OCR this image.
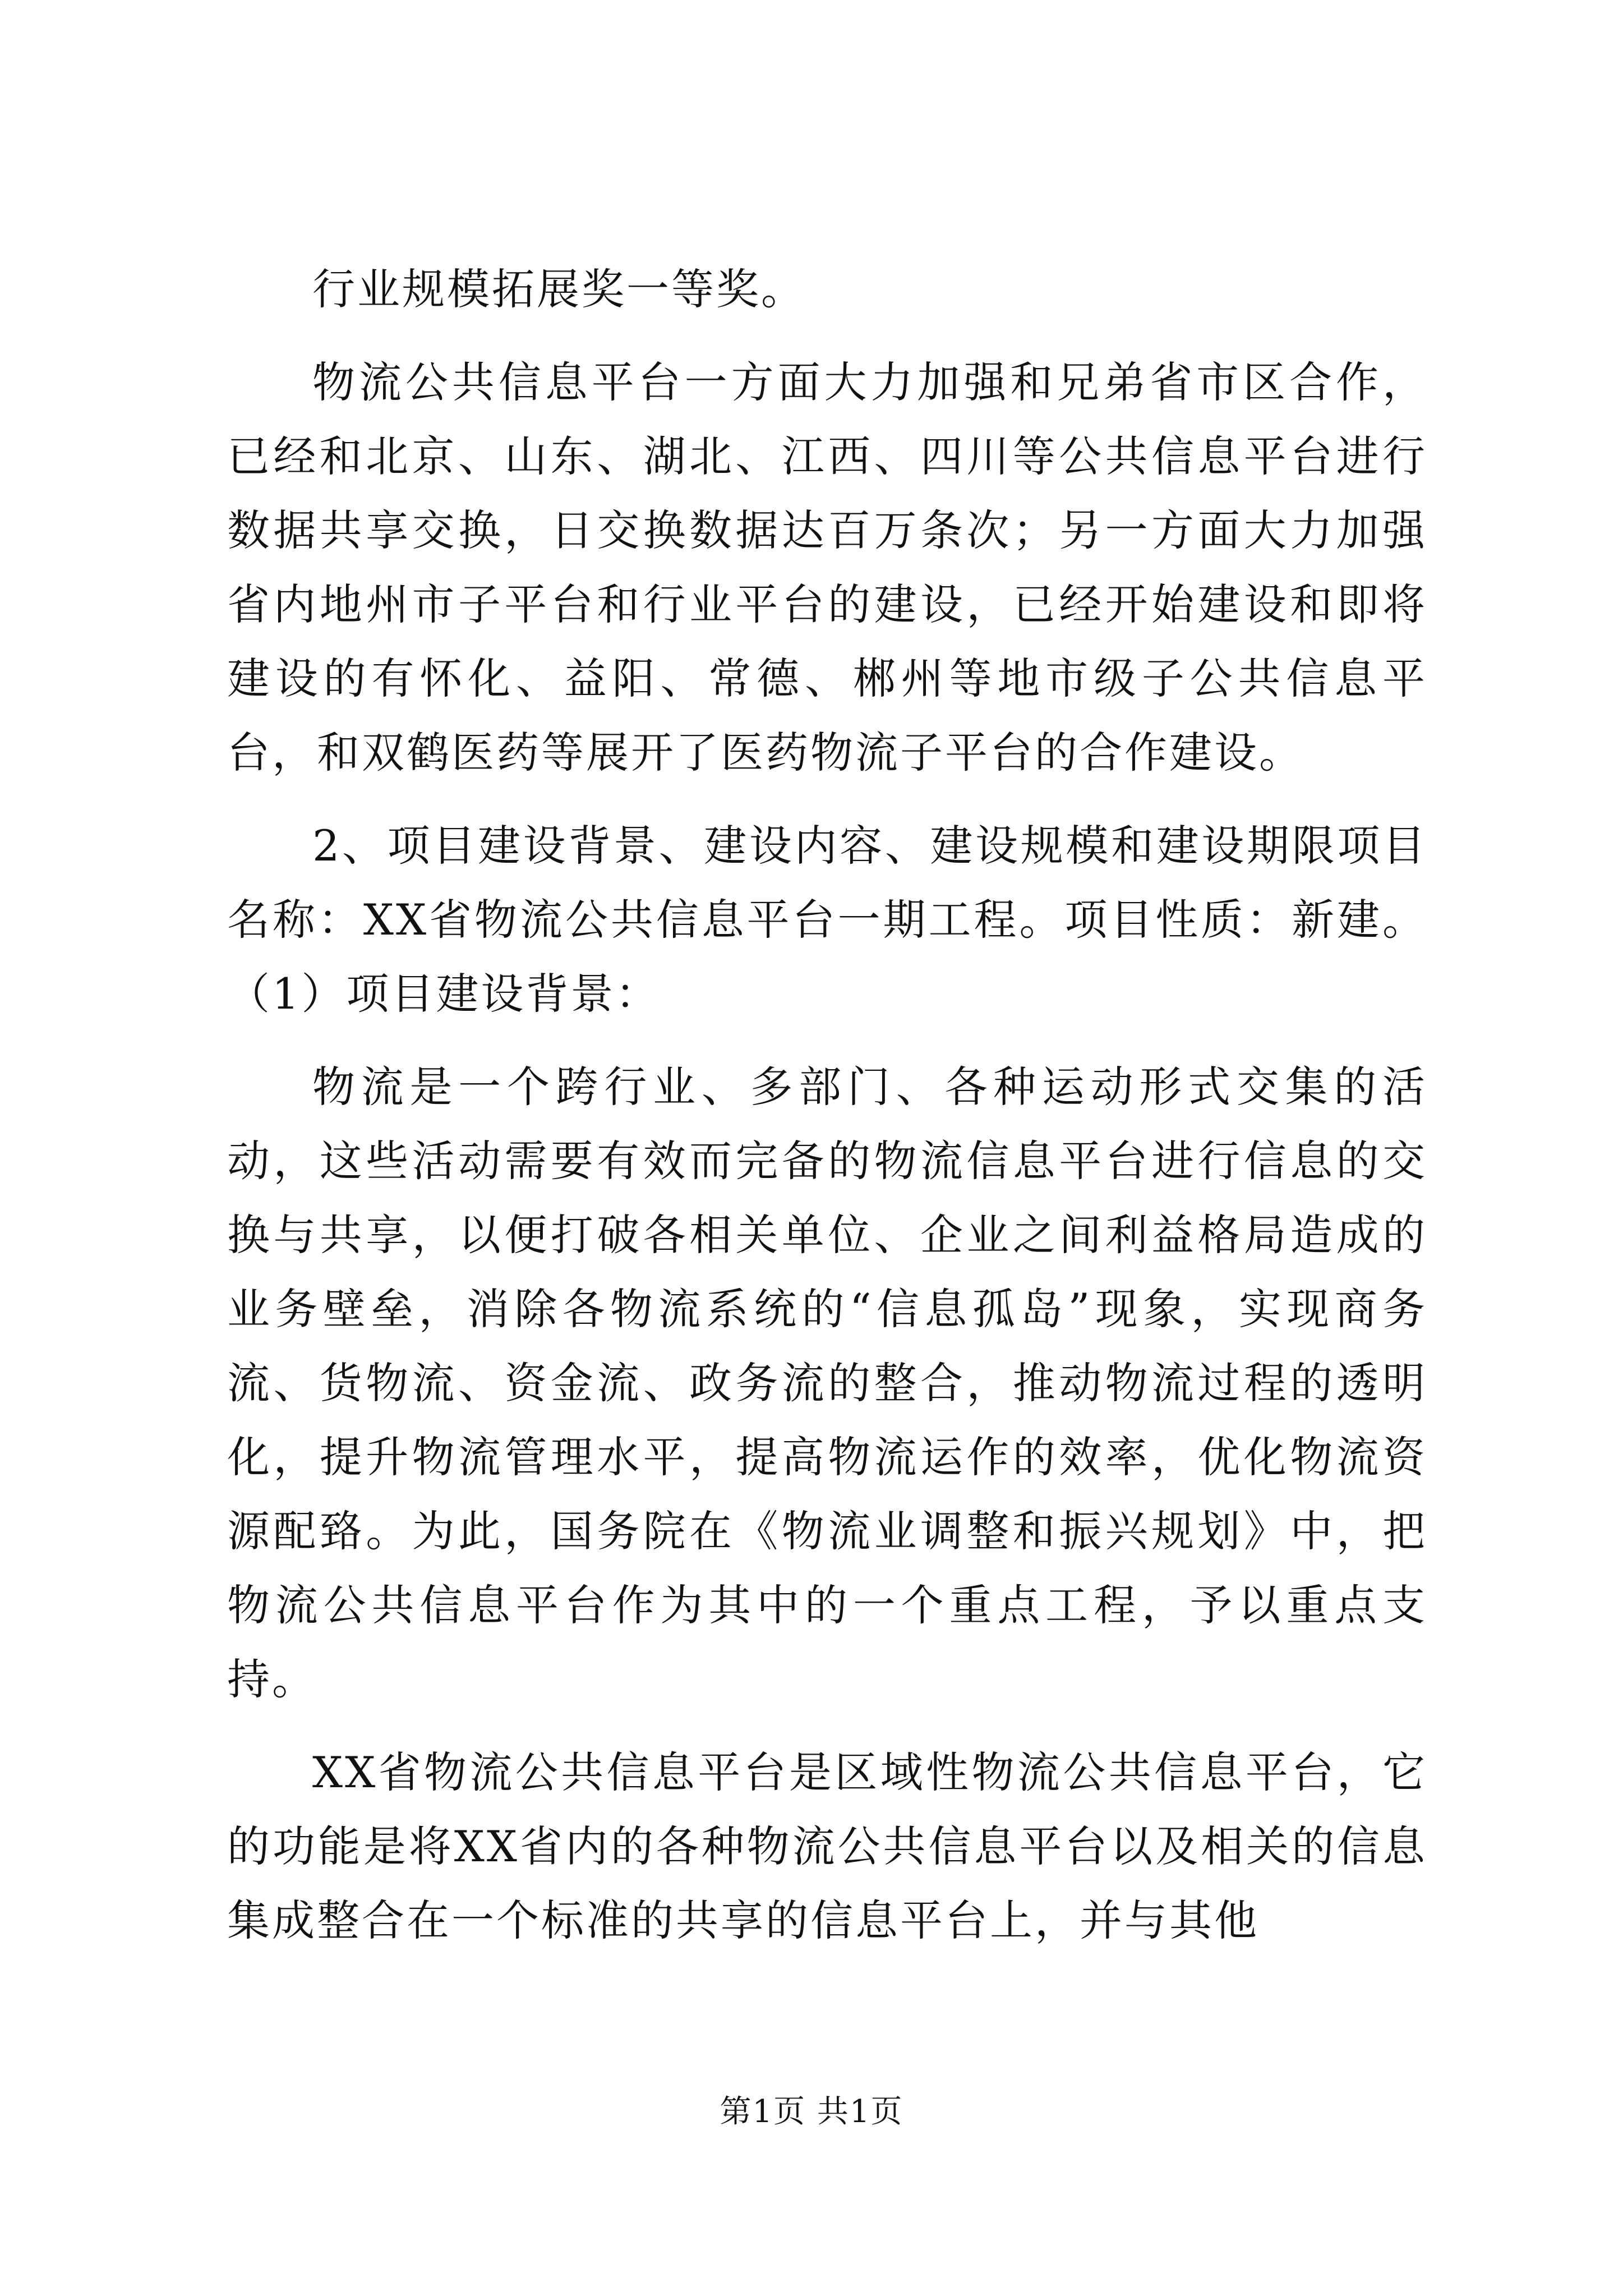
行业规模拓展奖一等奖。

物流公共信息平台一方面大力加强和兄弟省市区合作，已经和北京、山东、湖北、江西、四川等公共信息平台进行数据共享交换，日交换数据达百万条次；另一方面大力加强省内地州市子平台和行业平台的建设，已经开始建设和即将建设的有怀化、益阳、常德、郴州等地市级子公共信息平台，和双鹤医药等展开了医药物流子平台的合作建设。

2、项目建设背景、建设内容、建设规模和建设期限项目名称：XX省物流公共信息平台一期工程。项目性质：新建。（1）项目建设背景：

物流是一个跨行业、多部门、各种运动形式交集的活动，这些活动需要有效而完备的物流信息平台进行信息的交换与共享，以便打破各相关单位、企业之间利益格局造成的业务壁垒，消除各物流系统的“信息孤岛”现象，实现商务流、货物流、资金流、政务流的整合，推动物流过程的透明化，提升物流管理水平，提高物流运作的效率，优化物流资源配臵。为此，国务院在《物流业调整和振兴规划》中，把物流公共信息平台作为其中的一个重点工程，予以重点支持。

XX省物流公共信息平台是区域性物流公共信息平台，它的功能是将XX省内的各种物流公共信息平台以及相关的信息集成整合在一个标准的共享的信息平台上，并与其他

第1页 共1页
